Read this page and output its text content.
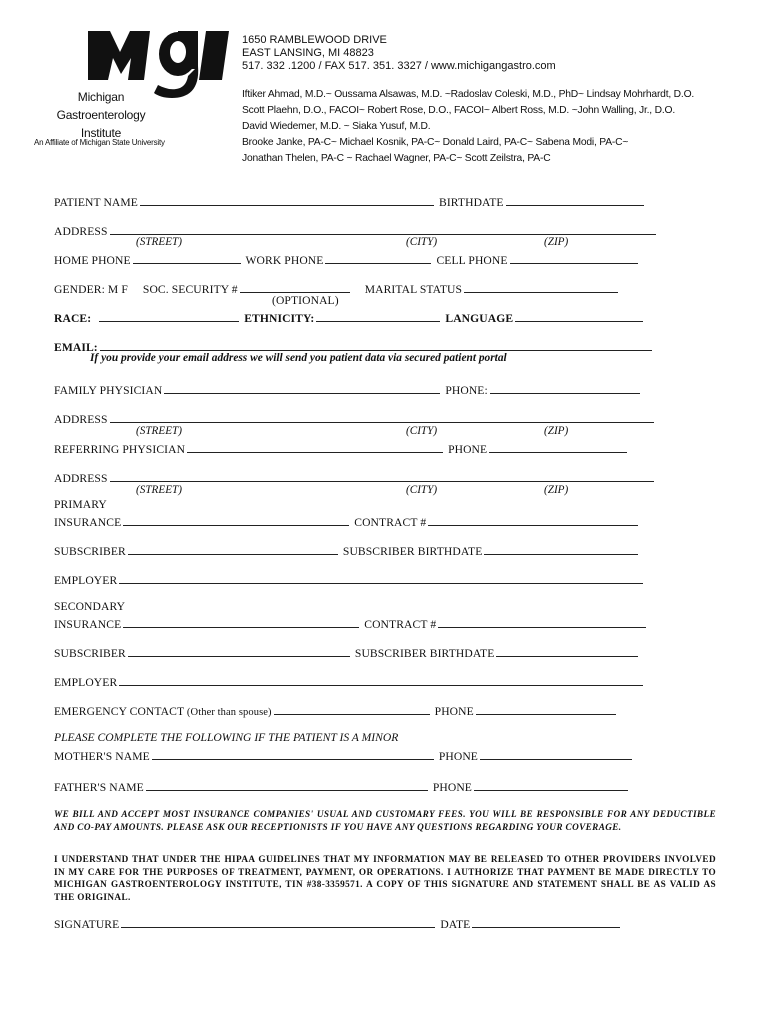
Michigan
Gastroenterology
Institute
An Affiliate of Michigan State University
1650 RAMBLEWOOD DRIVE
EAST LANSING, MI 48823
517. 332 .1200 / FAX 517. 351. 3327 / www.michigangastro.com
Iftiker Ahmad, M.D.~ Oussama Alsawas, M.D. ~Radoslav Coleski, M.D., PhD~ Lindsay Mohrhardt, D.O.
Scott Plaehn, D.O., FACOI~ Robert Rose, D.O., FACOI~ Albert Ross, M.D. ~John Walling, Jr., D.O.
David Wiedemer, M.D. ~ Siaka Yusuf, M.D.
Brooke Janke, PA-C~ Michael Kosnik, PA-C~ Donald Laird, PA-C~ Sabena Modi, PA-C~
Jonathan Thelen, PA-C ~ Rachael Wagner, PA-C~ Scott Zeilstra, PA-C
PATIENT NAME	BIRTHDATE
ADDRESS
(STREET)	(CITY)	(ZIP)
HOME PHONE	WORK PHONE	CELL PHONE
GENDER: M F SOC. SECURITY #	MARITAL STATUS
(OPTIONAL)
RACE:	ETHNICITY:	LANGUAGE
EMAIL:
If you provide your email address we will send you patient data via secured patient portal
FAMILY PHYSICIAN	PHONE:
ADDRESS
(STREET)	(CITY)	(ZIP)
REFERRING PHYSICIAN	PHONE
ADDRESS
(STREET)	(CITY)	(ZIP)
PRIMARY
INSURANCE	CONTRACT #
SUBSCRIBER	SUBSCRIBER BIRTHDATE
EMPLOYER
SECONDARY
INSURANCE	CONTRACT #
SUBSCRIBER	SUBSCRIBER BIRTHDATE
EMPLOYER
EMERGENCY CONTACT (Other than spouse)	PHONE
PLEASE COMPLETE THE FOLLOWING IF THE PATIENT IS A MINOR
MOTHER'S NAME	PHONE
FATHER'S NAME	PHONE
WE BILL AND ACCEPT MOST INSURANCE COMPANIES' USUAL AND CUSTOMARY FEES. YOU WILL BE RESPONSIBLE FOR ANY DEDUCTIBLE AND CO-PAY AMOUNTS. PLEASE ASK OUR RECEPTIONISTS IF YOU HAVE ANY QUESTIONS REGARDING YOUR COVERAGE.
I UNDERSTAND THAT UNDER THE HIPAA GUIDELINES THAT MY INFORMATION MAY BE RELEASED TO OTHER PROVIDERS INVOLVED IN MY CARE FOR THE PURPOSES OF TREATMENT, PAYMENT, OR OPERATIONS. I AUTHORIZE THAT PAYMENT BE MADE DIRECTLY TO MICHIGAN GASTROENTEROLOGY INSTITUTE, TIN #38-3359571. A COPY OF THIS SIGNATURE AND STATEMENT SHALL BE AS VALID AS THE ORIGINAL.
SIGNATURE	DATE
